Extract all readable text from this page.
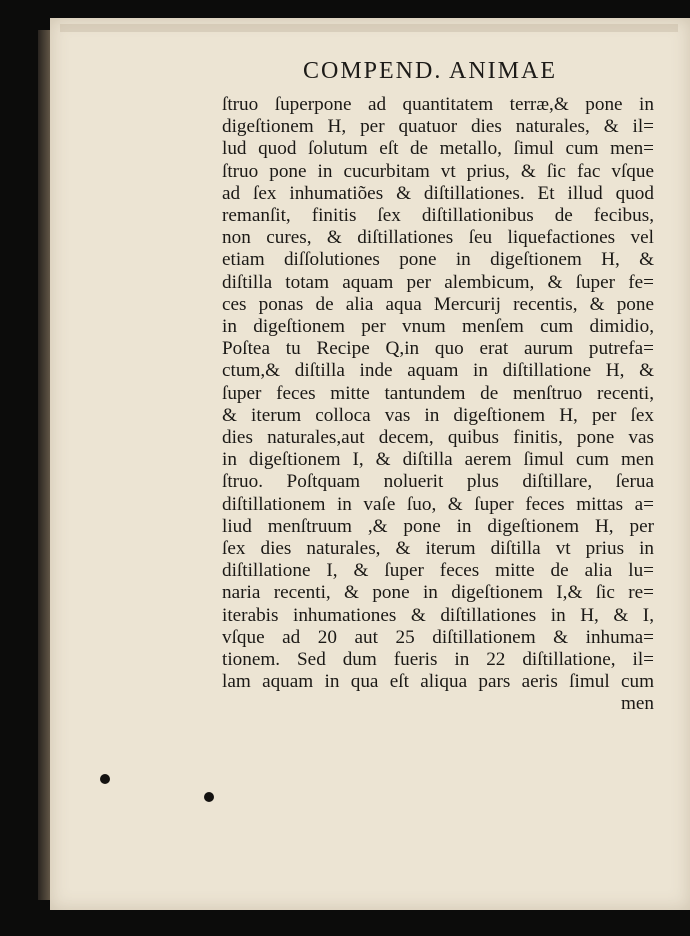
COMPEND. ANIMAE
ſtruo ſuperpone ad quantitatem terræ,& pone in
digeſtionem H, per quatuor dies naturales, & il=
lud quod ſolutum eſt de metallo, ſimul cum men=
ſtruo pone in cucurbitam vt prius, & ſic fac vſque
ad ſex inhumatiões & diſtillationes. Et illud quod
remanſit, finitis ſex diſtillationibus de fecibus,
non cures, & diſtillationes ſeu liquefactiones vel
etiam diſſolutiones pone in digeſtionem H, &
diſtilla totam aquam per alembicum, & ſuper fe=
ces ponas de alia aqua Mercurij recentis, & pone
in digeſtionem per vnum menſem cum dimidio,
Poſtea tu Recipe Q,in quo erat aurum putrefa=
ctum,& diſtilla inde aquam in diſtillatione H, &
ſuper feces mitte tantundem de menſtruo recenti,
& iterum colloca vas in digeſtionem H, per ſex
dies naturales,aut decem, quibus finitis, pone vas
in digeſtionem I, & diſtilla aerem ſimul cum men
ſtruo. Poſtquam noluerit plus diſtillare, ſerua
diſtillationem in vaſe ſuo, & ſuper feces mittas a=
liud menſtruum ,& pone in digeſtionem H, per
ſex dies naturales, & iterum diſtilla vt prius in
diſtillatione I, & ſuper feces mitte de alia lu=
naria recenti, & pone in digeſtionem I,& ſic re=
iterabis inhumationes & diſtillationes in H, & I,
vſque ad 20 aut 25 diſtillationem & inhuma=
tionem. Sed dum fueris in 22 diſtillatione, il=
lam aquam in qua eſt aliqua pars aeris ſimul cum
men
